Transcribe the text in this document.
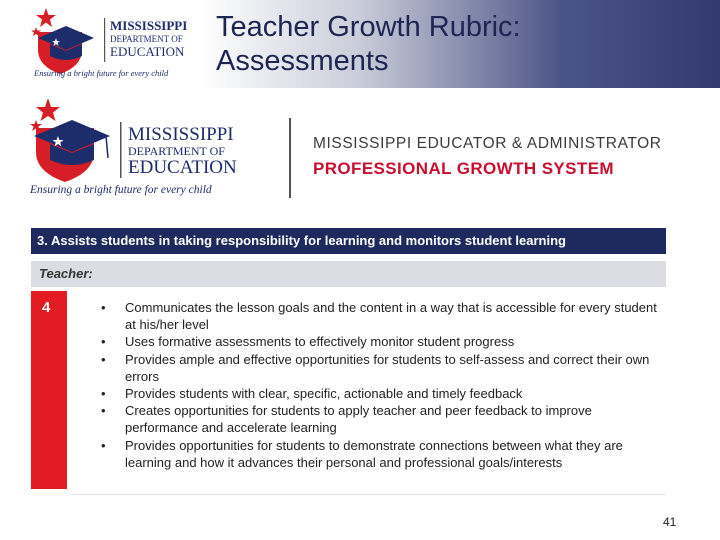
MISSISSIPPI
DEPARTMENT OF
EDUCATION
Ensuring a bright future for every child
Teacher Growth Rubric:
Assessments
MISSISSIPPI
DEPARTMENT OF
EDUCATION
Ensuring a bright future for every child
MISSISSIPPI EDUCATOR & ADMINISTRATOR
PROFESSIONAL GROWTH SYSTEM
3. Assists students in taking responsibility for learning and monitors student learning
Teacher:
4	• Communicates the lesson goals and the content in a way that is accessible for every student at his/her level
• Uses formative assessments to effectively monitor student progress
• Provides ample and effective opportunities for students to self-assess and correct their own errors
• Provides students with clear, specific, actionable and timely feedback
• Creates opportunities for students to apply teacher and peer feedback to improve performance and accelerate learning
• Provides opportunities for students to demonstrate connections between what they are learning and how it advances their personal and professional goals/interests
41
